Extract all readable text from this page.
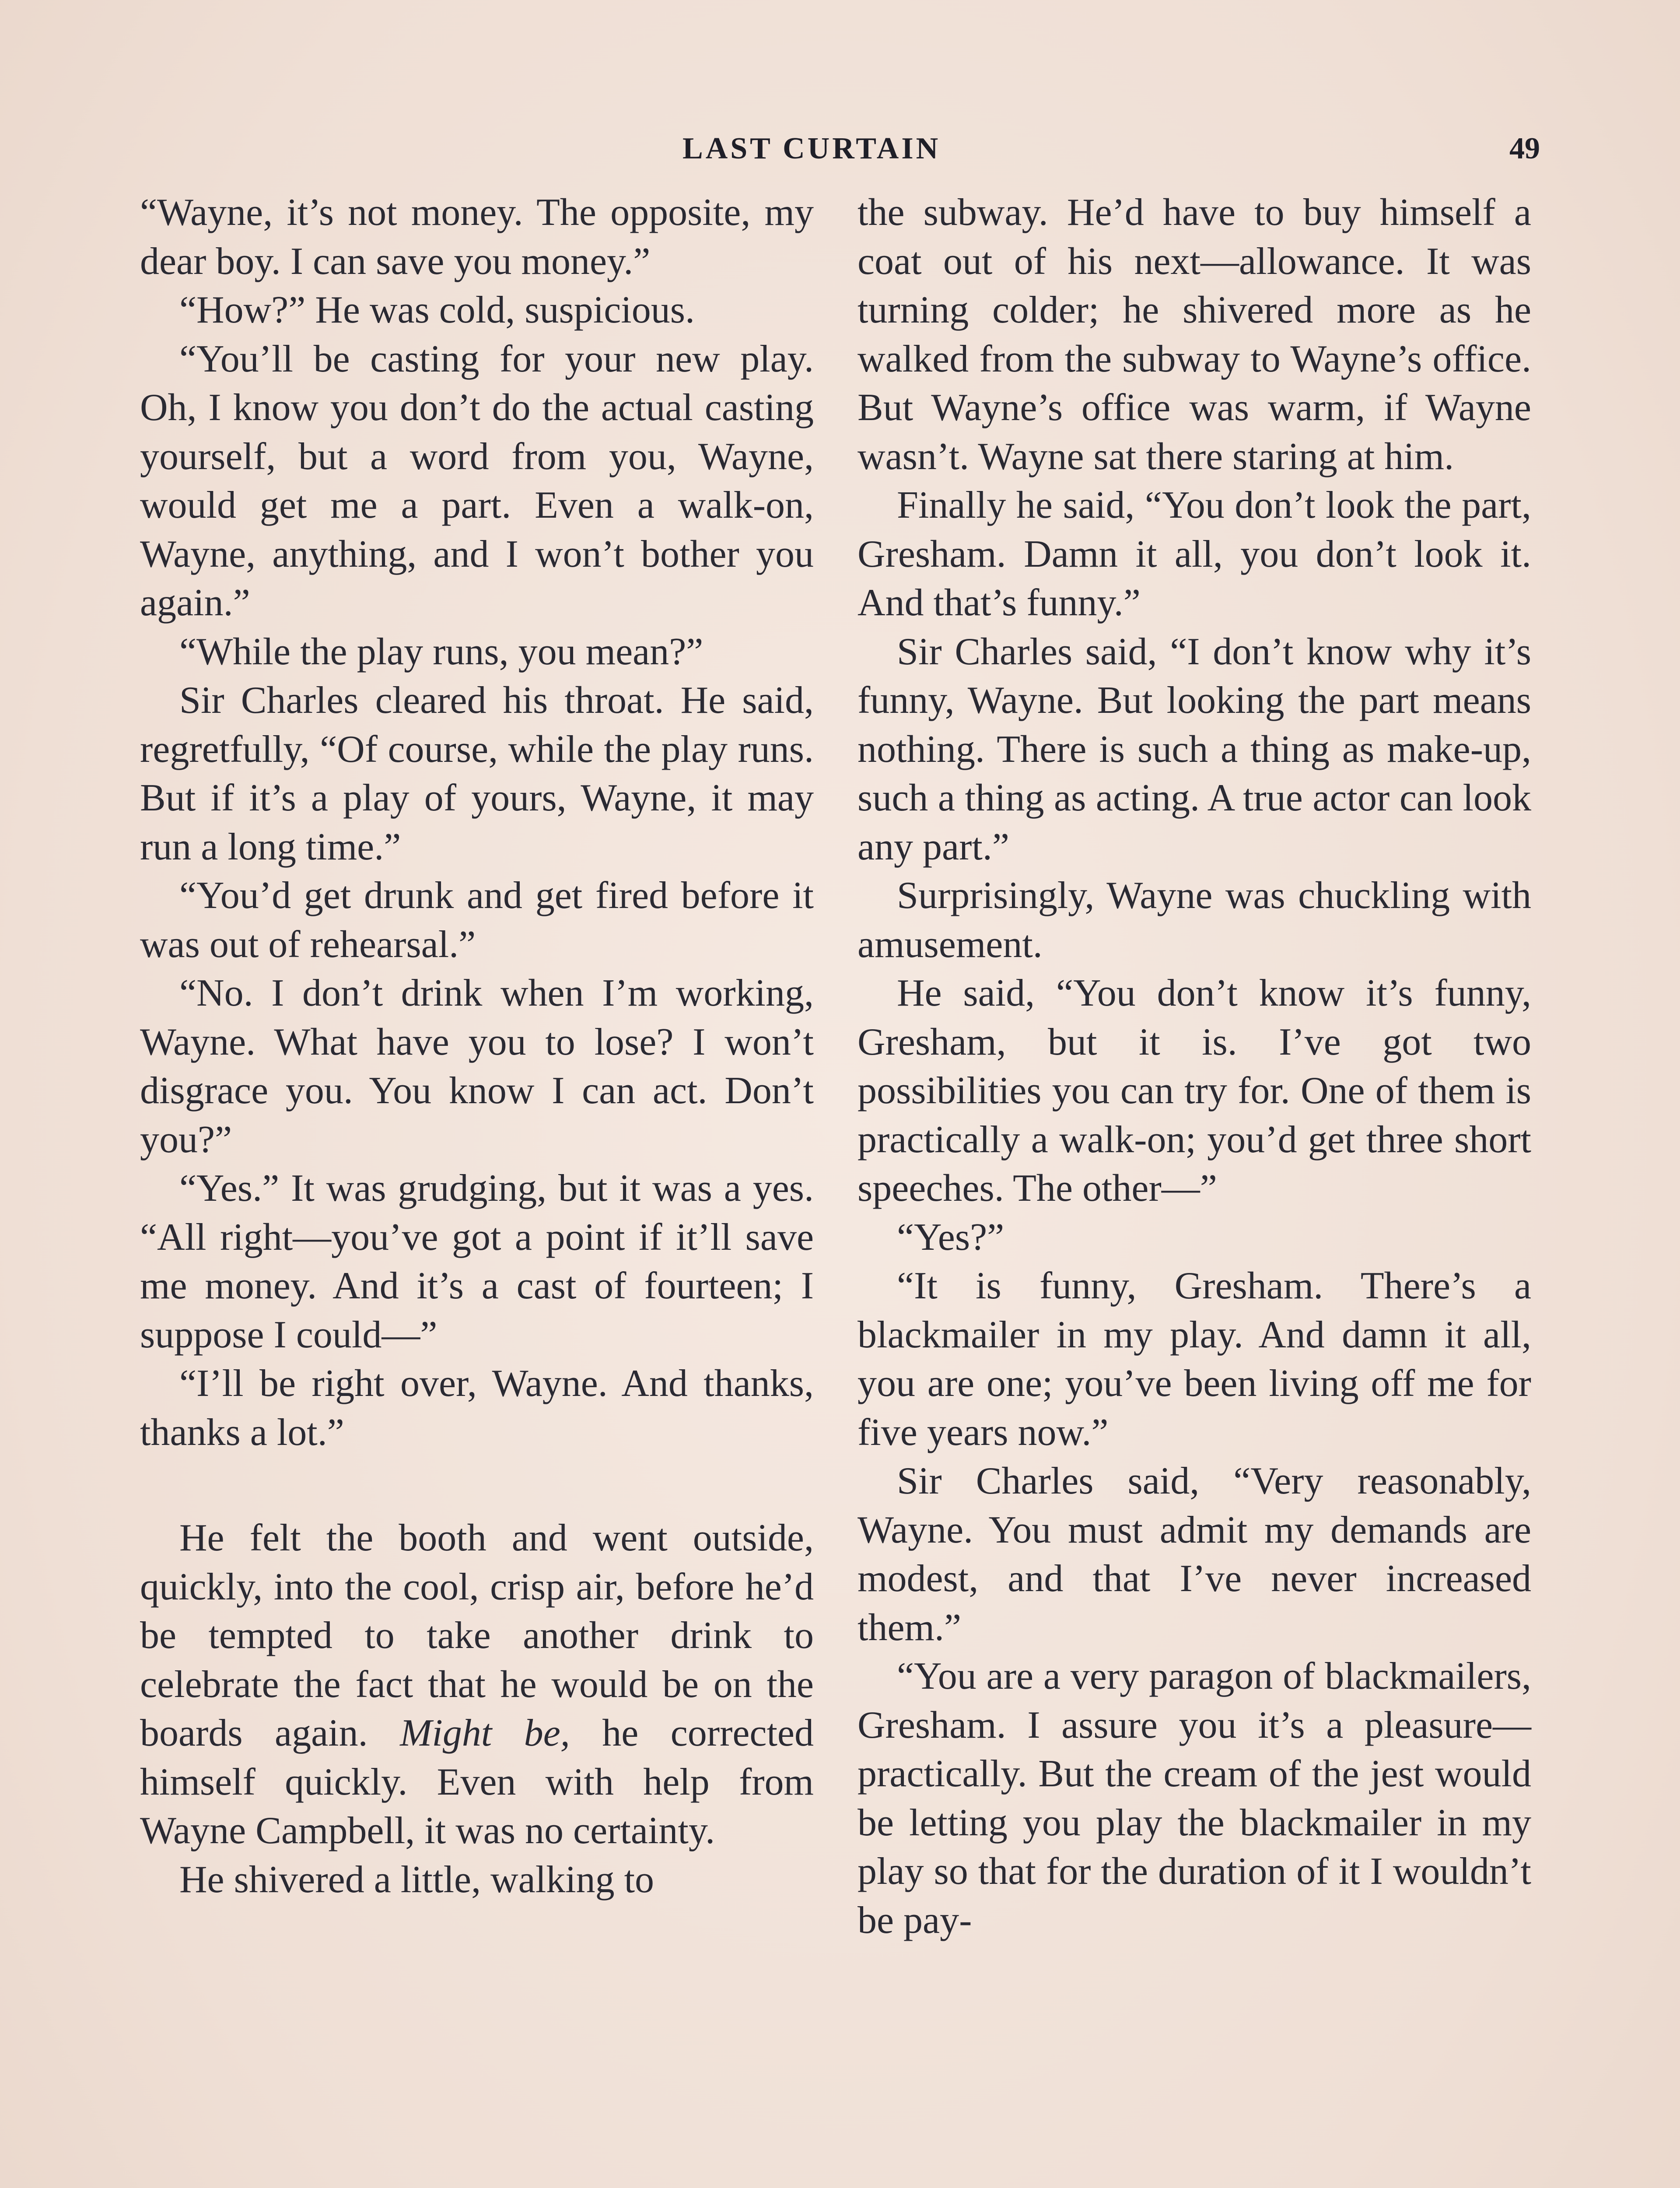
LAST CURTAIN	49

“Wayne, it’s not money. The opposite, my dear boy. I can save you money.”

“How?” He was cold, suspicious.

“You’ll be casting for your new play. Oh, I know you don’t do the actual casting yourself, but a word from you, Wayne, would get me a part. Even a walk-on, Wayne, anything, and I won’t bother you again.”

“While the play runs, you mean?”

Sir Charles cleared his throat. He said, regretfully, “Of course, while the play runs. But if it’s a play of yours, Wayne, it may run a long time.”

“You’d get drunk and get fired before it was out of rehearsal.”

“No. I don’t drink when I’m working, Wayne. What have you to lose? I won’t disgrace you. You know I can act. Don’t you?”

“Yes.” It was grudging, but it was a yes. “All right—you’ve got a point if it’ll save me money. And it’s a cast of fourteen; I suppose I could—”

“I’ll be right over, Wayne. And thanks, thanks a lot.”

He felt the booth and went outside, quickly, into the cool, crisp air, before he’d be tempted to take another drink to celebrate the fact that he would be on the boards again. Might be, he corrected himself quickly. Even with help from Wayne Campbell, it was no certainty.

He shivered a little, walking to

the subway. He’d have to buy himself a coat out of his next—allowance. It was turning colder; he shivered more as he walked from the subway to Wayne’s office. But Wayne’s office was warm, if Wayne wasn’t. Wayne sat there staring at him.

Finally he said, “You don’t look the part, Gresham. Damn it all, you don’t look it. And that’s funny.”

Sir Charles said, “I don’t know why it’s funny, Wayne. But looking the part means nothing. There is such a thing as make-up, such a thing as acting. A true actor can look any part.”

Surprisingly, Wayne was chuckling with amusement.

He said, “You don’t know it’s funny, Gresham, but it is. I’ve got two possibilities you can try for. One of them is practically a walk-on; you’d get three short speeches. The other—”

“Yes?”

“It is funny, Gresham. There’s a blackmailer in my play. And damn it all, you are one; you’ve been living off me for five years now.”

Sir Charles said, “Very reasonably, Wayne. You must admit my demands are modest, and that I’ve never increased them.”

“You are a very paragon of blackmailers, Gresham. I assure you it’s a pleasure—practically. But the cream of the jest would be letting you play the blackmailer in my play so that for the duration of it I wouldn’t be pay-
